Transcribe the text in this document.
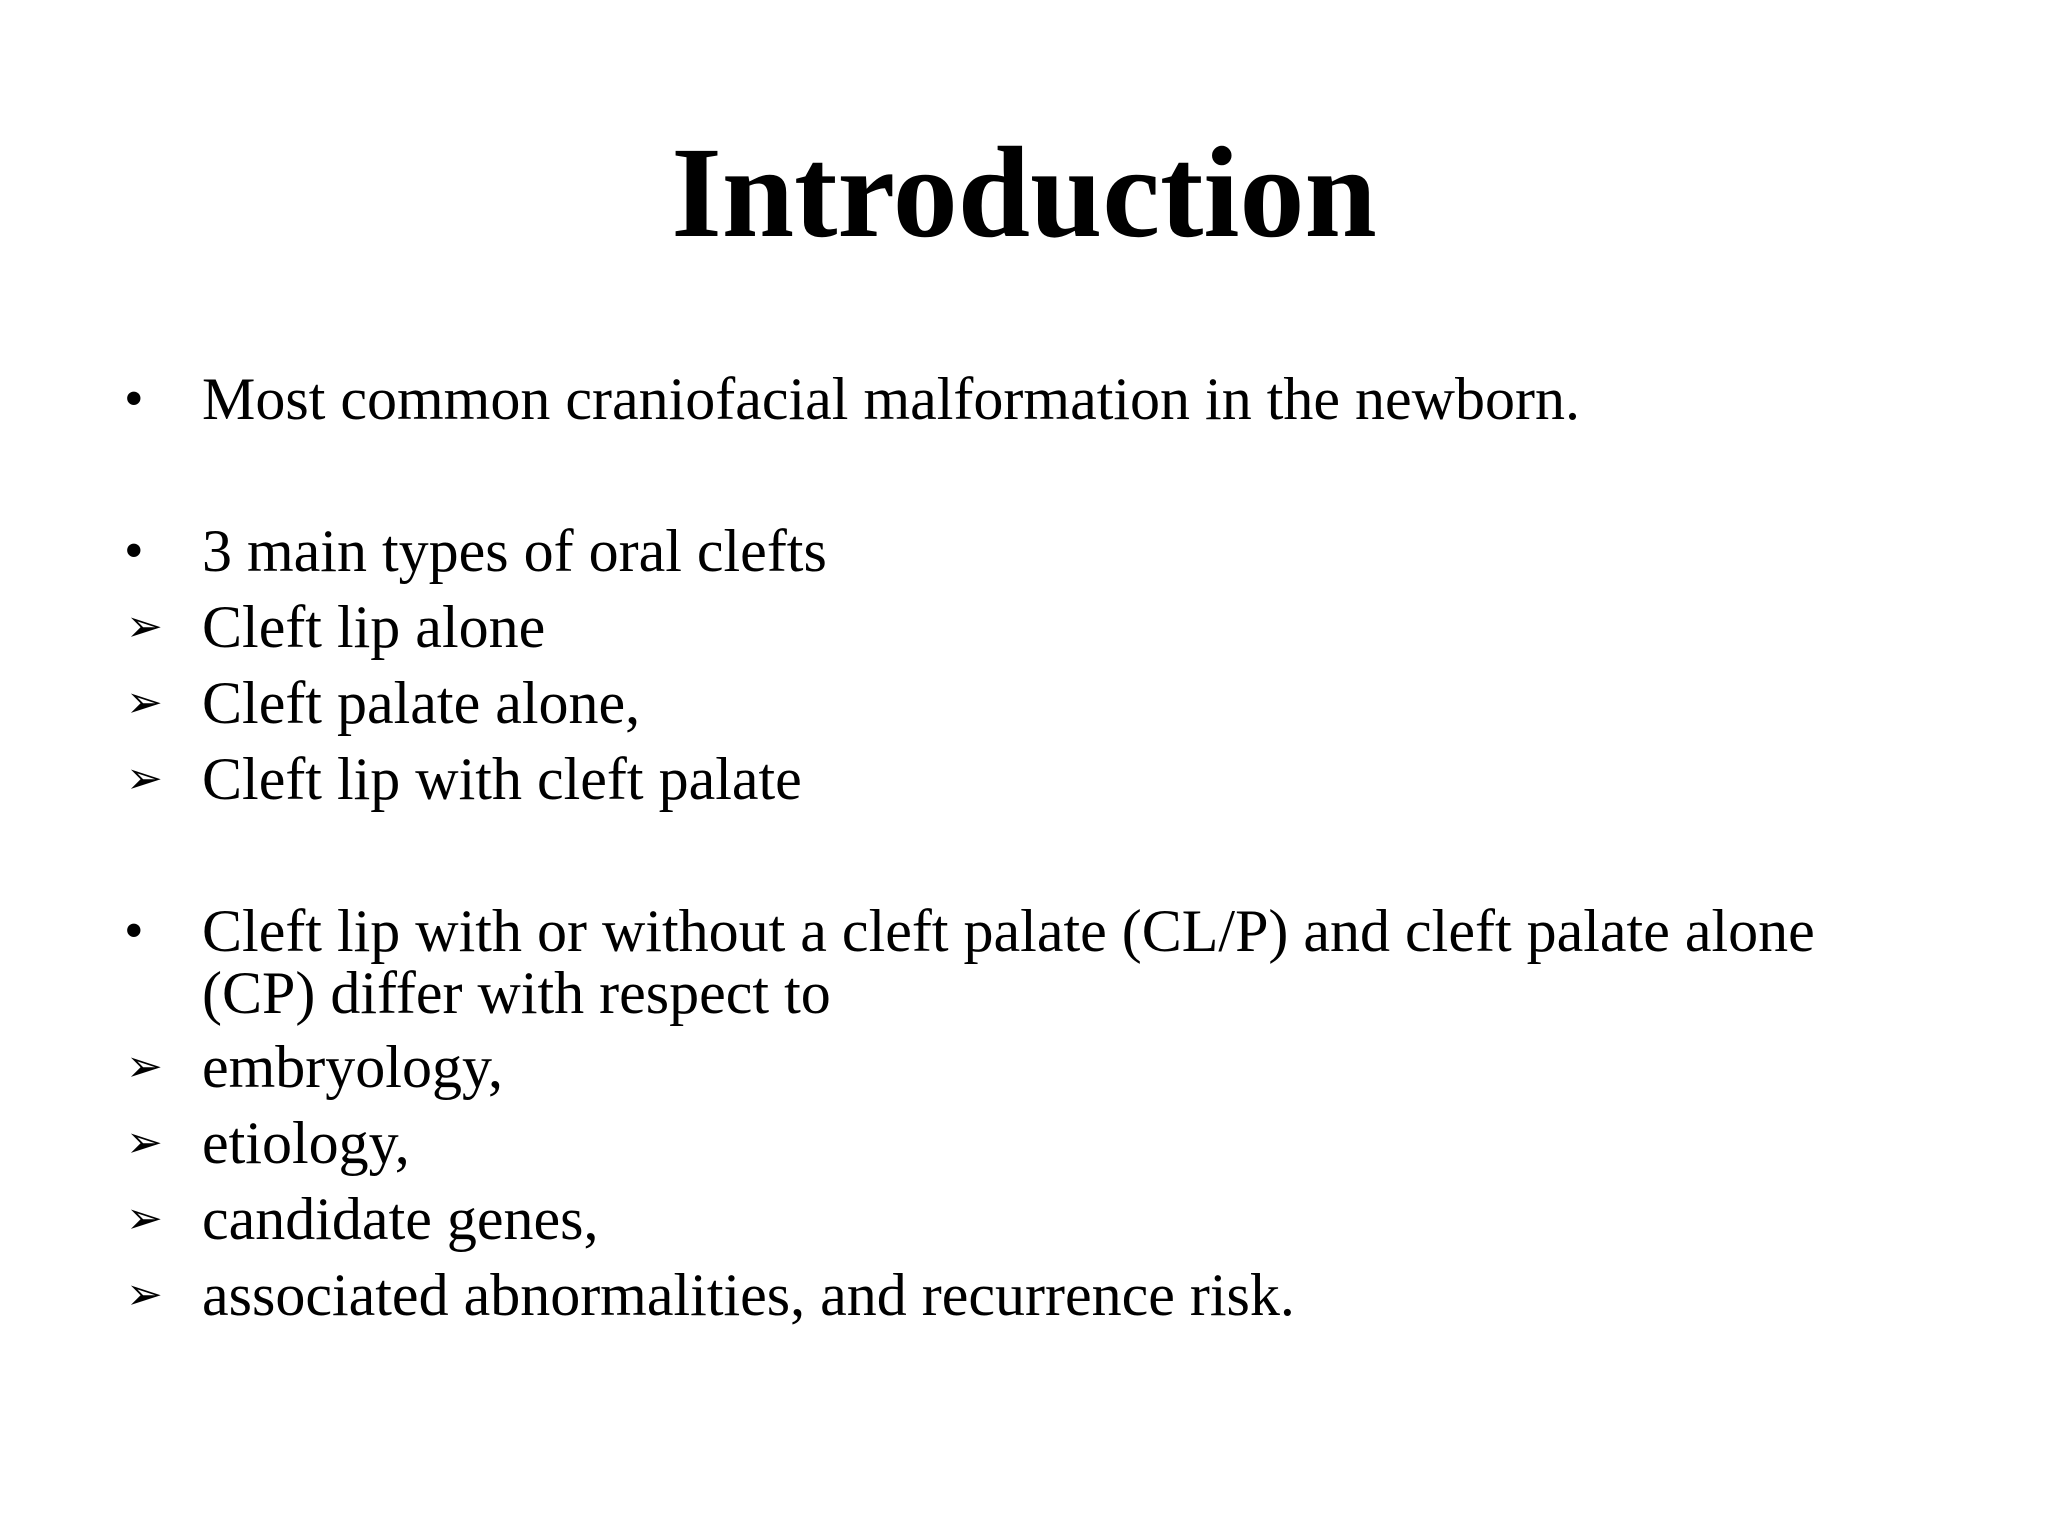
Introduction
• Most common craniofacial malformation in the newborn.
• 3 main types of oral clefts
➢ Cleft lip alone
➢ Cleft palate alone,
➢ Cleft lip with cleft palate
• Cleft lip with or without a cleft palate (CL/P) and cleft palate alone
(CP) differ with respect to
➢ embryology,
➢ etiology,
➢ candidate genes,
➢ associated abnormalities, and recurrence risk.
